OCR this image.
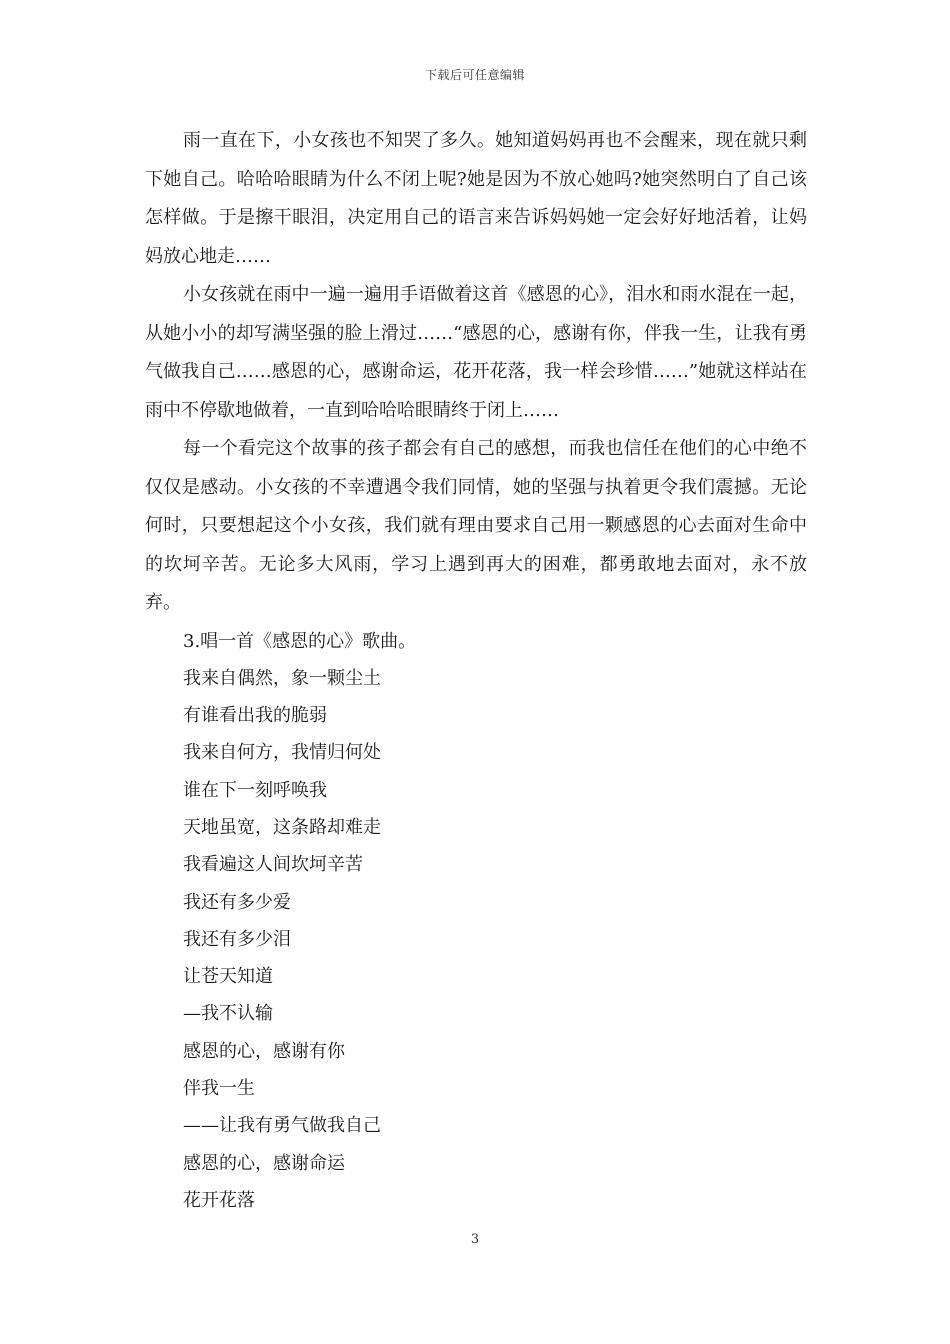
下载后可任意编辑

雨一直在下，小女孩也不知哭了多久。她知道妈妈再也不会醒来，现在就只剩下她自己。哈哈哈眼睛为什么不闭上呢?她是因为不放心她吗?她突然明白了自己该怎样做。于是擦干眼泪，决定用自己的语言来告诉妈妈她一定会好好地活着，让妈妈放心地走……

小女孩就在雨中一遍一遍用手语做着这首《感恩的心》，泪水和雨水混在一起，从她小小的却写满坚强的脸上滑过……“感恩的心，感谢有你，伴我一生，让我有勇气做我自己……感恩的心，感谢命运，花开花落，我一样会珍惜……”她就这样站在雨中不停歇地做着，一直到哈哈哈眼睛终于闭上……

每一个看完这个故事的孩子都会有自己的感想，而我也信任在他们的心中绝不仅仅是感动。小女孩的不幸遭遇令我们同情，她的坚强与执着更令我们震撼。无论何时，只要想起这个小女孩，我们就有理由要求自己用一颗感恩的心去面对生命中的坎坷辛苦。无论多大风雨，学习上遇到再大的困难，都勇敢地去面对，永不放弃。

3.唱一首《感恩的心》歌曲。
我来自偶然，象一颗尘土
有谁看出我的脆弱
我来自何方，我情归何处
谁在下一刻呼唤我
天地虽宽，这条路却难走
我看遍这人间坎坷辛苦
我还有多少爱
我还有多少泪
让苍天知道
—我不认输
感恩的心，感谢有你
伴我一生
——让我有勇气做我自己
感恩的心，感谢命运
花开花落
3
